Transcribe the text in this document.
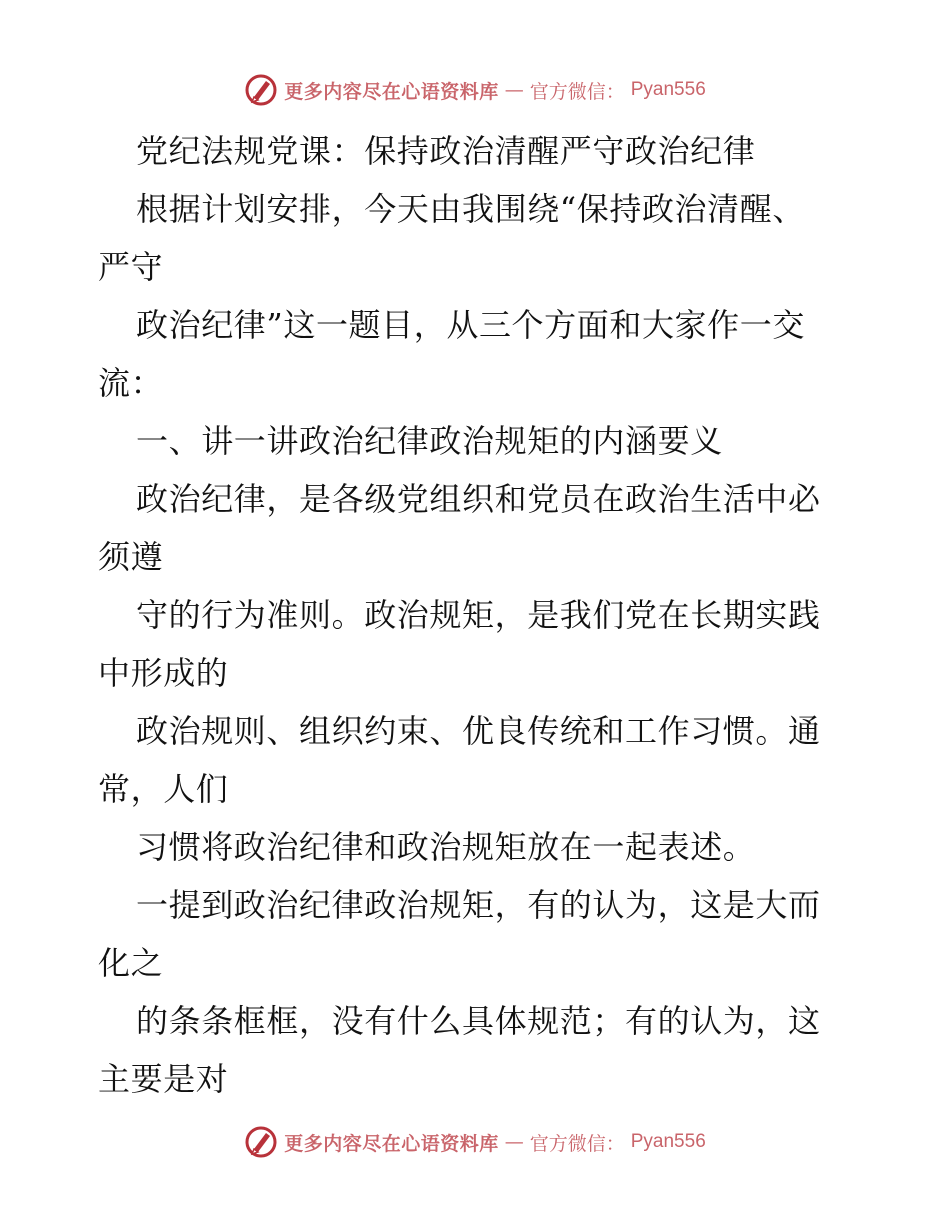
更多内容尽在心语资料库 — 官方微信： Pyan556
党纪法规党课：保持政治清醒严守政治纪律
根据计划安排，今天由我围绕“保持政治清醒、
严守
政治纪律”这一题目，从三个方面和大家作一交
流：
一、讲一讲政治纪律政治规矩的内涵要义
政治纪律，是各级党组织和党员在政治生活中必
须遵
守的行为准则。政治规矩，是我们党在长期实践
中形成的
政治规则、组织约束、优良传统和工作习惯。通
常，人们
习惯将政治纪律和政治规矩放在一起表述。
一提到政治纪律政治规矩，有的认为，这是大而
化之
的条条框框，没有什么具体规范；有的认为，这
主要是对
更多内容尽在心语资料库 — 官方微信： Pyan556
